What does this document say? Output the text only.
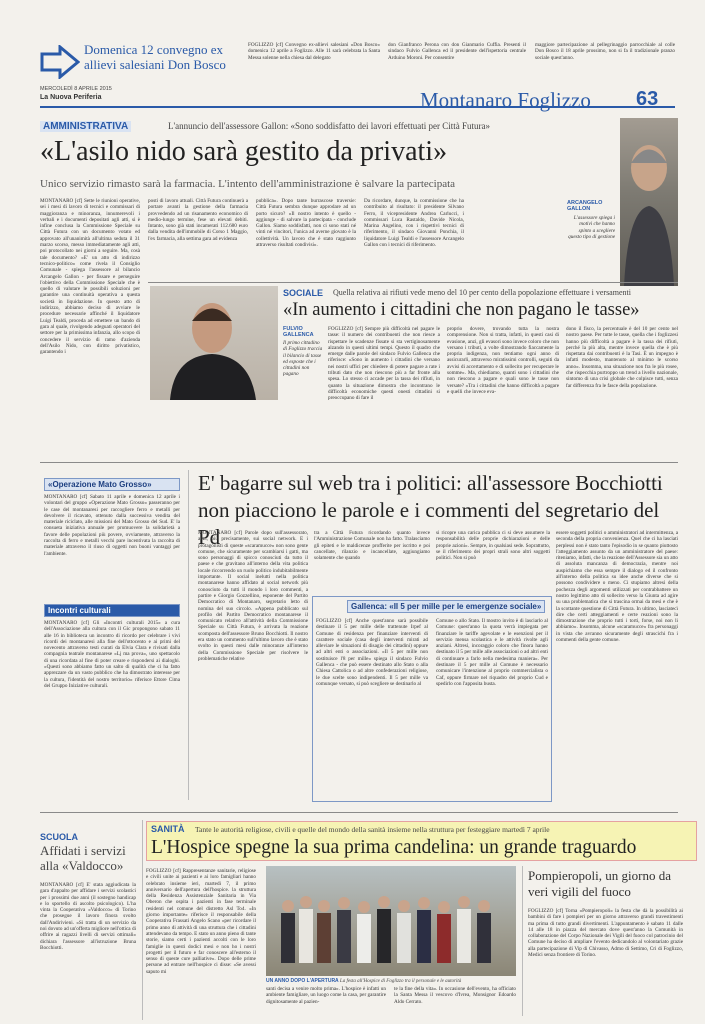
Domenica 12 convegno ex allievi salesiani Don Bosco
FOGLIZZO [cf] Convegno ex-allievi salesiani «Don Bosco» domenica 12 aprile a Foglizzo. Alle 11 sarà celebrata la Santa Messa solenne nella chiesa dal delegato
don Gianfranco Perona con don Gianmario Cuffia. Presenti il sindaco Fulvio Gallenca ed il presidente dell'ispettoria centrale Arduino Moroni. Per consentire
maggiore partecipazione al pellegrinaggio parrocchiale al colle Don Bosco il 18 aprile prossimo, non si fa il tradizionale pranzo sociale quest'anno.
MERCOLEDÌ 8 APRILE 2015
La Nuova Periferia	Montanaro Foglizzo 63
AMMINISTRATIVA	L'annuncio dell'assessore Gallon: «Sono soddisfatto dei lavori effettuati per Città Futura»
«L'asilo nido sarà gestito da privati»
Unico servizio rimasto sarà la farmacia. L'intento dell'amministrazione è salvare la partecipata
MONTANARO [cf] Sette le riunioni operative, sei i mesi di lavoro di tecnici e commissari di maggioranza e minoranza, innumerevoli i verbali e i documenti depositati agli atti, si è infine conclusa la Commissione Speciale su Città Futura con un documento votato ed approvato all'unanimità all'ultima seduta il 31 marzo scorso, messo immediatamente agli atti, poi protocollato nei giorni a seguire. Ma, cosà tale documento? «E' un atto di indirizzo tecnico-politico» come rivela il Consiglio Comunale - spiega l'assessore al bilancio Arcangelo Gallon - per fissare e perseguire l'obiettivo della Commissione Speciale che è quello di valutare le possibili soluzioni per garantire una continuità operativa a questa società in liquidazione. In questo atto di indirizzo, abbiamo deciso di avviare le procedure necessarie affinché il liquidatore Luigi Tealdi, proceda ad emettere un bando di gara al quale, rivolgendo adeguati operatori del settore per la primissima infanzia, allo scopo di concedere il servizio di ramo d'azienda dell'Asilo Nido, con diritto privatistico, garantendo i
posti di lavoro attuali. Città Futura continuerà a portare avanti la gestione della farmacia provvedendo ad un risanamento economico di medio-lungo termine, fese un elevati debiti. Intanto, sono già stati incamerati 112.680 euro dalla vendita dell'immobile di Corso 1 Maggio, l'ex farmacia, alla settima gara ad evidenza
pubblica». Dopo tante burrascose traversie: Città Futura sembra dunque approdare ad un porto sicuro? «Il nostro intento è quello - aggiunge - di salvare la partecipata - conclude Gallon. Siamo soddisfatti, non ci sono stati né vinti né vincitori, l'unica ad averne giovato è la collettività. Un lavoro che è stato raggiunto attraverso risultati condivisi».
Da ricordare, dunque, la commissione che ha contribuito al risultato: il presidente Silvano Ferro, il vicepresidente Andrea Carlucci, i commissari Luca Rastaldo, Davide Nicola, Marina Angelino, con i rispettivi tecnici di riferimento, il sindaco Giovanni Ponchia, il liquidatore Luigi Tealdi e l'assessore Arcangelo Gallon con i tecnici di riferimento.
ARCANGELO GALLON
L'assessore spiega i motivi che hanno spinto a scegliere questo tipo di gestione
SOCIALE Quella relativa ai rifiuti vede meno del 10 per cento della popolazione effettuare i versamenti
«In aumento i cittadini che non pagano le tasse»
FULVIO GALLENCA
Il primo cittadino di Foglizzo traccia il bilancio di tasse ed esposte che i cittadini non pagano
FOGLIZZO [cf] Sempre più difficoltà nel pagare le tasse: il numero dei contribuenti che non riesce a rispettare le scadenze fissate si sta vertiginosamente alzando in questi ultimi tempi. Questo il quadro che emerge dalle parole del sindaco Fulvio Gallenca che riferisce: «Sono in aumento i cittadini che versano nei nostri uffici per chiedere di potere pagare a rate i tributi dato che non riescono più a far fronte alla spesa. Lo stesso ci accade per la tassa dei rifiuti, in quanto la situazione dimostra che incontrano le difficoltà economiche questi onesti cittadini si preoccupano di fare il
proprio dovere, trovando tutta la nostra comprensione. Non si tratta, infatti, in questi casi di evasione, anzi, gli evasori sono invece coloro che non versano i tributi, a volte dimostrando fiaccamente la propria indigenza, non tentiamo ogni anno di assicurarli, attraverso miratissimi controlli, seguiti da avvisi di accertamento e di sollecito per recuperare le somme». Ma, chiediamo, quanti sono i cittadini che non riescono a pagare e quali sono le tasse non versate? «Tra i cittadini che hanno difficoltà a pagare e quelli che invece eva-
dono il fisco, la percentuale è del 10 per cento nel nostro paese. Per tutte le tasse, quella che i foglizzesi hanno più difficoltà a pagare è la tassa dei rifiuti, perché la più alta, mentre invece quella che è più rispettata dai contribuenti è la Tasi. È un impegno è infatti modesto, mantenuto al minimo le scorso anno». Insomma, una situazione non fra le più rosee, che rispecchia purtroppo un trend a livello nazionale, sintomo di una crisi globale che colpisce tutti, senza far differenza fra le fasce della popolazione.
«Operazione Mato Grosso»
MONTANARO [cf] Sabato 11 aprile e domenica 12 aprile i volontari del gruppo «Operazione Mato Grosso» passeranno per le case del montanaresi per raccogliere ferro e metalli per devolvere il ricavato, ottenuto dalla successiva vendita del materiale riciclato, alle missioni del Mato Grosso del Sud. E' la consueta iniziativa annuale per promuovere la solidarietà a favore delle popolazioni più povere, ovviamente, attraverso la raccolta di ferro e metalli vecchi pare incentivata la raccolta di materiale attraverso il riuso di oggetti non buoni vantaggi per l'ambiente.
Incontri culturali
MONTANARO [cf] Gli «Incontri culturali 2015» a cura dell'Associazione alla cultura con il Gic propongono sabato 11 alle 16 in biblioteca un incontro di ricordo per celebrare i vivi ricordi dei montanaresi alla fine dell'ottocento e ai primi del novecento attraverso testi curati da Elvia Clara e rivisati dalla compagnia teatrale montanarese «Lj ma prova», uno spettacolo di una ricordata al fine di poter creare e rispondersi ai dialoghi. «Questi sono abbiamo fatto un salto di qualità che ci ha fatto apprezzare da un vasto pubblico che ha dimostrato interesse per la cultura, l'identità del nostro territorio» riferisce Ettore Cima del Gruppo Iniziative culturali.
E' bagarre sul web tra i politici: all'assessore Bocchiotti non piacciono le parole e i commenti del segretario del Pd
MONTANARO [cf] Parole dopo sull'assessorato, anzi, più precisamente, sui social network. E i protagonisti di queste «scaramucce» non sono gente comune, che sicuramente per scambiarsi i gatti, ma sono personaggi di spicco conosciuti da tutto il paese e che gravitano all'interno della vita politica locale riccorrendo un ruolo politico indubitabilmente importante. Il social inelutti nella politica montanarese hanno affidato al social network più conosciuto da tutti il mondo i loro commenti, a partire e Giorgio Gozzellino, esponente del Partito Democratico di Montanaro, segretario letto di nomina del suo circolo. «Appena pubblicato sul profilo del Partito Democratico montanarese il comunicato relativo all'attività della Commissione Speciale su Città Futura, è arrivata la reazione scomposta dell'assessore Bruno Bocchiotti. Il nostro era stato un commento sull'ultimo lavoro che è stato svolto in questi mesi dalle minoranze all'interno della Commissione Speciale per risolvere le problematiche relative
tra a Città Futura ricordando quanto invece l'Amministrazione Comunale non ha fatto. Tralasciamo gli epiteti e le maldicenze profferite per iscritto e poi cancellate, rilanzio e incancellate, aggiungiamo solamente che quando
si ricopre una carica pubblica ci si deve assumere la responsabilità delle proprie dichiarazioni e delle proprie azioni». Sempre, in qualsiasi sede. Soprattutto, se il riferimento dei propri strali sono altri soggetti politici. Non si può
essere soggetti politici o amministratori ad intermittenza, a seconda della propria convenienza. Quel che ci ha lasciati perplessi non è stato tanto l'episodio in se quanto piuttosto l'atteggiamento assunto da un amministratore del paese: riteniamo, infatti, che la reazione dell'Assessore sia un atto di assoluta mancanza di democrazia, mentre noi auspichiamo che essa sempre il dialogo ed il confronto all'interno della politica su idee anche diverse che si possono condividere o meno. Ci stupiamo altresì della pochezza degli argomenti utilizzati per contrabbattere un nostro legittimo atto di sollecito verso la Giunta ad agire su una problematica che si trascina ormai da mesi e che è la scottante questione di Città Futura. In ultimo, lasciatecì dire che certi atteggiamenti e certe reazioni sono la dimostrazione che proprio tutti i torti, forse, noi non li abbiamo». Insomma, alcune «scaramucce» fra personaggi in vista che avranno sicuramente degli strascichi fra i commenti della gente comune.
Gallenca: «Il 5 per mille per le emergenze sociale»
FOGLIZZO [cf] Anche quest'anno sarà possibile destinare il 5 per mille delle trattenute Irpef al Comune di residenza per finanziare interventi di carattere sociale (casa degli interventi mirati ad alleviare le situazioni di disagio dei cittadini) oppure ad altri enti o associazioni. «Il 5 per mille non sostituisce l'8 per mille» spiega il sindaco Fulvio Gallenca - che può essere destinato allo Stato o alla Chiesa Cattolica o ad altre confederazioni religiose, le due scelte sono indipendenti. Il 5 per mille va comunque versato, si può scegliere se destinarlo al
Comune o allo Stato. Il mostro invito è di lasciarlo al Comune: quest'anno la quota verrà impiegata per finanziare le tariffe agevolate e le esenzioni per il servizio mensa scolastica e le attività rivolte agli anziani. Altresì, incoraggio coloro che finora hanno destinato il 5 per mille alle associazioni o ad altri enti di continuare a farlo nella medesima maniera». Per destinare il 5 per mille al Comune è necessario comunicare l'intenzione al proprio commercialista o Caf, oppure firmare nel riquadro del proprio Cud e spedirlo con l'apposita busta.
SCUOLA
Affidati i servizi alla «Valdocco»
MONTANARO [cf] E' stata aggiudicata la gara d'appalto per affidare i servizi scolastici per i prossimi due anni (il sostegno handicap e lo sportello di ascolto psicologico). L'ha vinta la Cooperativa «Valdocco» di Torino che prosegue il lavoro finora svolto dall'Andirivieni. «Si tratta di un servizio da noi dovuto ad un'offerta migliore nell'ottica di offrire ai ragazzi livelli di servizi ottimali» dichiara l'assessore all'istruzione Bruna Bocchiotti.
SANITÀ Tante le autorità religiose, civili e quelle del mondo della sanità insieme nella struttura per festeggiare martedì 7 aprile
L'Hospice spegne la sua prima candelina: un grande traguardo
FOGLIZZO [cf] Rappresentanze sanitarie, religiose e civili unite ai pazienti e ai loro famigliari hanno celebrato insieme ieri, martedì 7, il primo anniversario dell'apertura dell'hospice. la struttura della Residenza Assistenziale Sanitaria in Via Oberon che ospita i pazienti in fase terminale residenti nel comune del distretto Asl To4. «In giorno importante» riferisce il responsabile della Cooperativa Frassati Angelo Scano «per ricordare il primo anno di attività di una struttura che i cittadini attendevano da tempo. E stato un anno pieno di tante storie, siamo certi i pazienti accolti con le loro famiglie in questi dodici mesi e non ho i nostri progetti per il futuro e far conoscere all'esterno il senso di queste cure palliative». Dopo delle prime persone ad entrare nell'hospice ci disse: «Se avessi saputo mi
UN ANNO DOPO L'APERTURA La festa all'Hospice di Foglizzo tra il personale e le autorità
santi decisa a venire molto prima». L'hospice è infatti un ambiente famigliare, un luogo come la casa, per garantire dignitosamente al pazien-
te la fine della vita». In occasione dell'evento, ha officiato la Santa Messa il vescovo d'Ivrea, Monsignor Edoardo Aldo Cerrato.
Pompieropoli, un giorno da veri vigili del fuoco
FOGLIZZO [cf] Torna «Pompieropoli» la festa che dà la possibilità ai bambini di fare i pompieri per un giorno attraverso grandi travestimenti ma prima di tutto grandi divertimenti. L'appuntamento è sabato 11 dalle 14 alle 18 in piazza del mercato dove quest'anno la Comunità in collaborazione del Corpo Nazionale dei Vigili del fuoco col patrocinio del Comune ha deciso di ampliare l'evento dedicandolo al volontariato grazie alla partecipazione di Vip di Chivasso, Admo di Settimo, Cri di Foglizzo, Medici senza frontiere di Torino.
